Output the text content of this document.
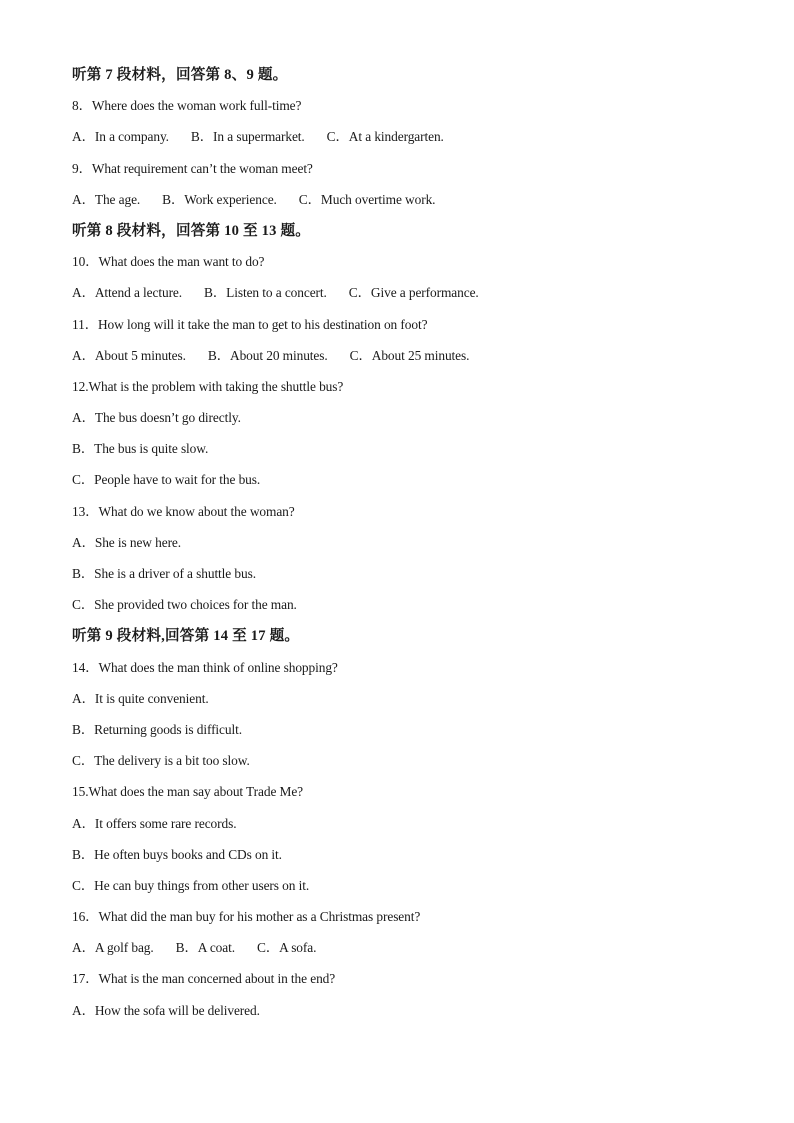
听第 7 段材料，回答第 8、9 题。
8．Where does the woman work full-time?
A．In a company. B．In a supermarket. C．At a kindergarten.
9．What requirement can’t the woman meet?
A．The age. B．Work experience. C．Much overtime work.
听第 8 段材料，回答第 10 至 13 题。
10．What does the man want to do?
A．Attend a lecture. B．Listen to a concert. C．Give a performance.
11．How long will it take the man to get to his destination on foot?
A．About 5 minutes. B．About 20 minutes. C．About 25 minutes.
12.What is the problem with taking the shuttle bus?
A．The bus doesn’t go directly.
B．The bus is quite slow.
C．People have to wait for the bus.
13．What do we know about the woman?
A．She is new here.
B．She is a driver of a shuttle bus.
C．She provided two choices for the man.
听第 9 段材料,回答第 14 至 17 题。
14．What does the man think of online shopping?
A．It is quite convenient.
B．Returning goods is difficult.
C．The delivery is a bit too slow.
15.What does the man say about Trade Me?
A．It offers some rare records.
B．He often buys books and CDs on it.
C．He can buy things from other users on it.
16．What did the man buy for his mother as a Christmas present?
A．A golf bag. B．A coat. C．A sofa.
17．What is the man concerned about in the end?
A．How the sofa will be delivered.
